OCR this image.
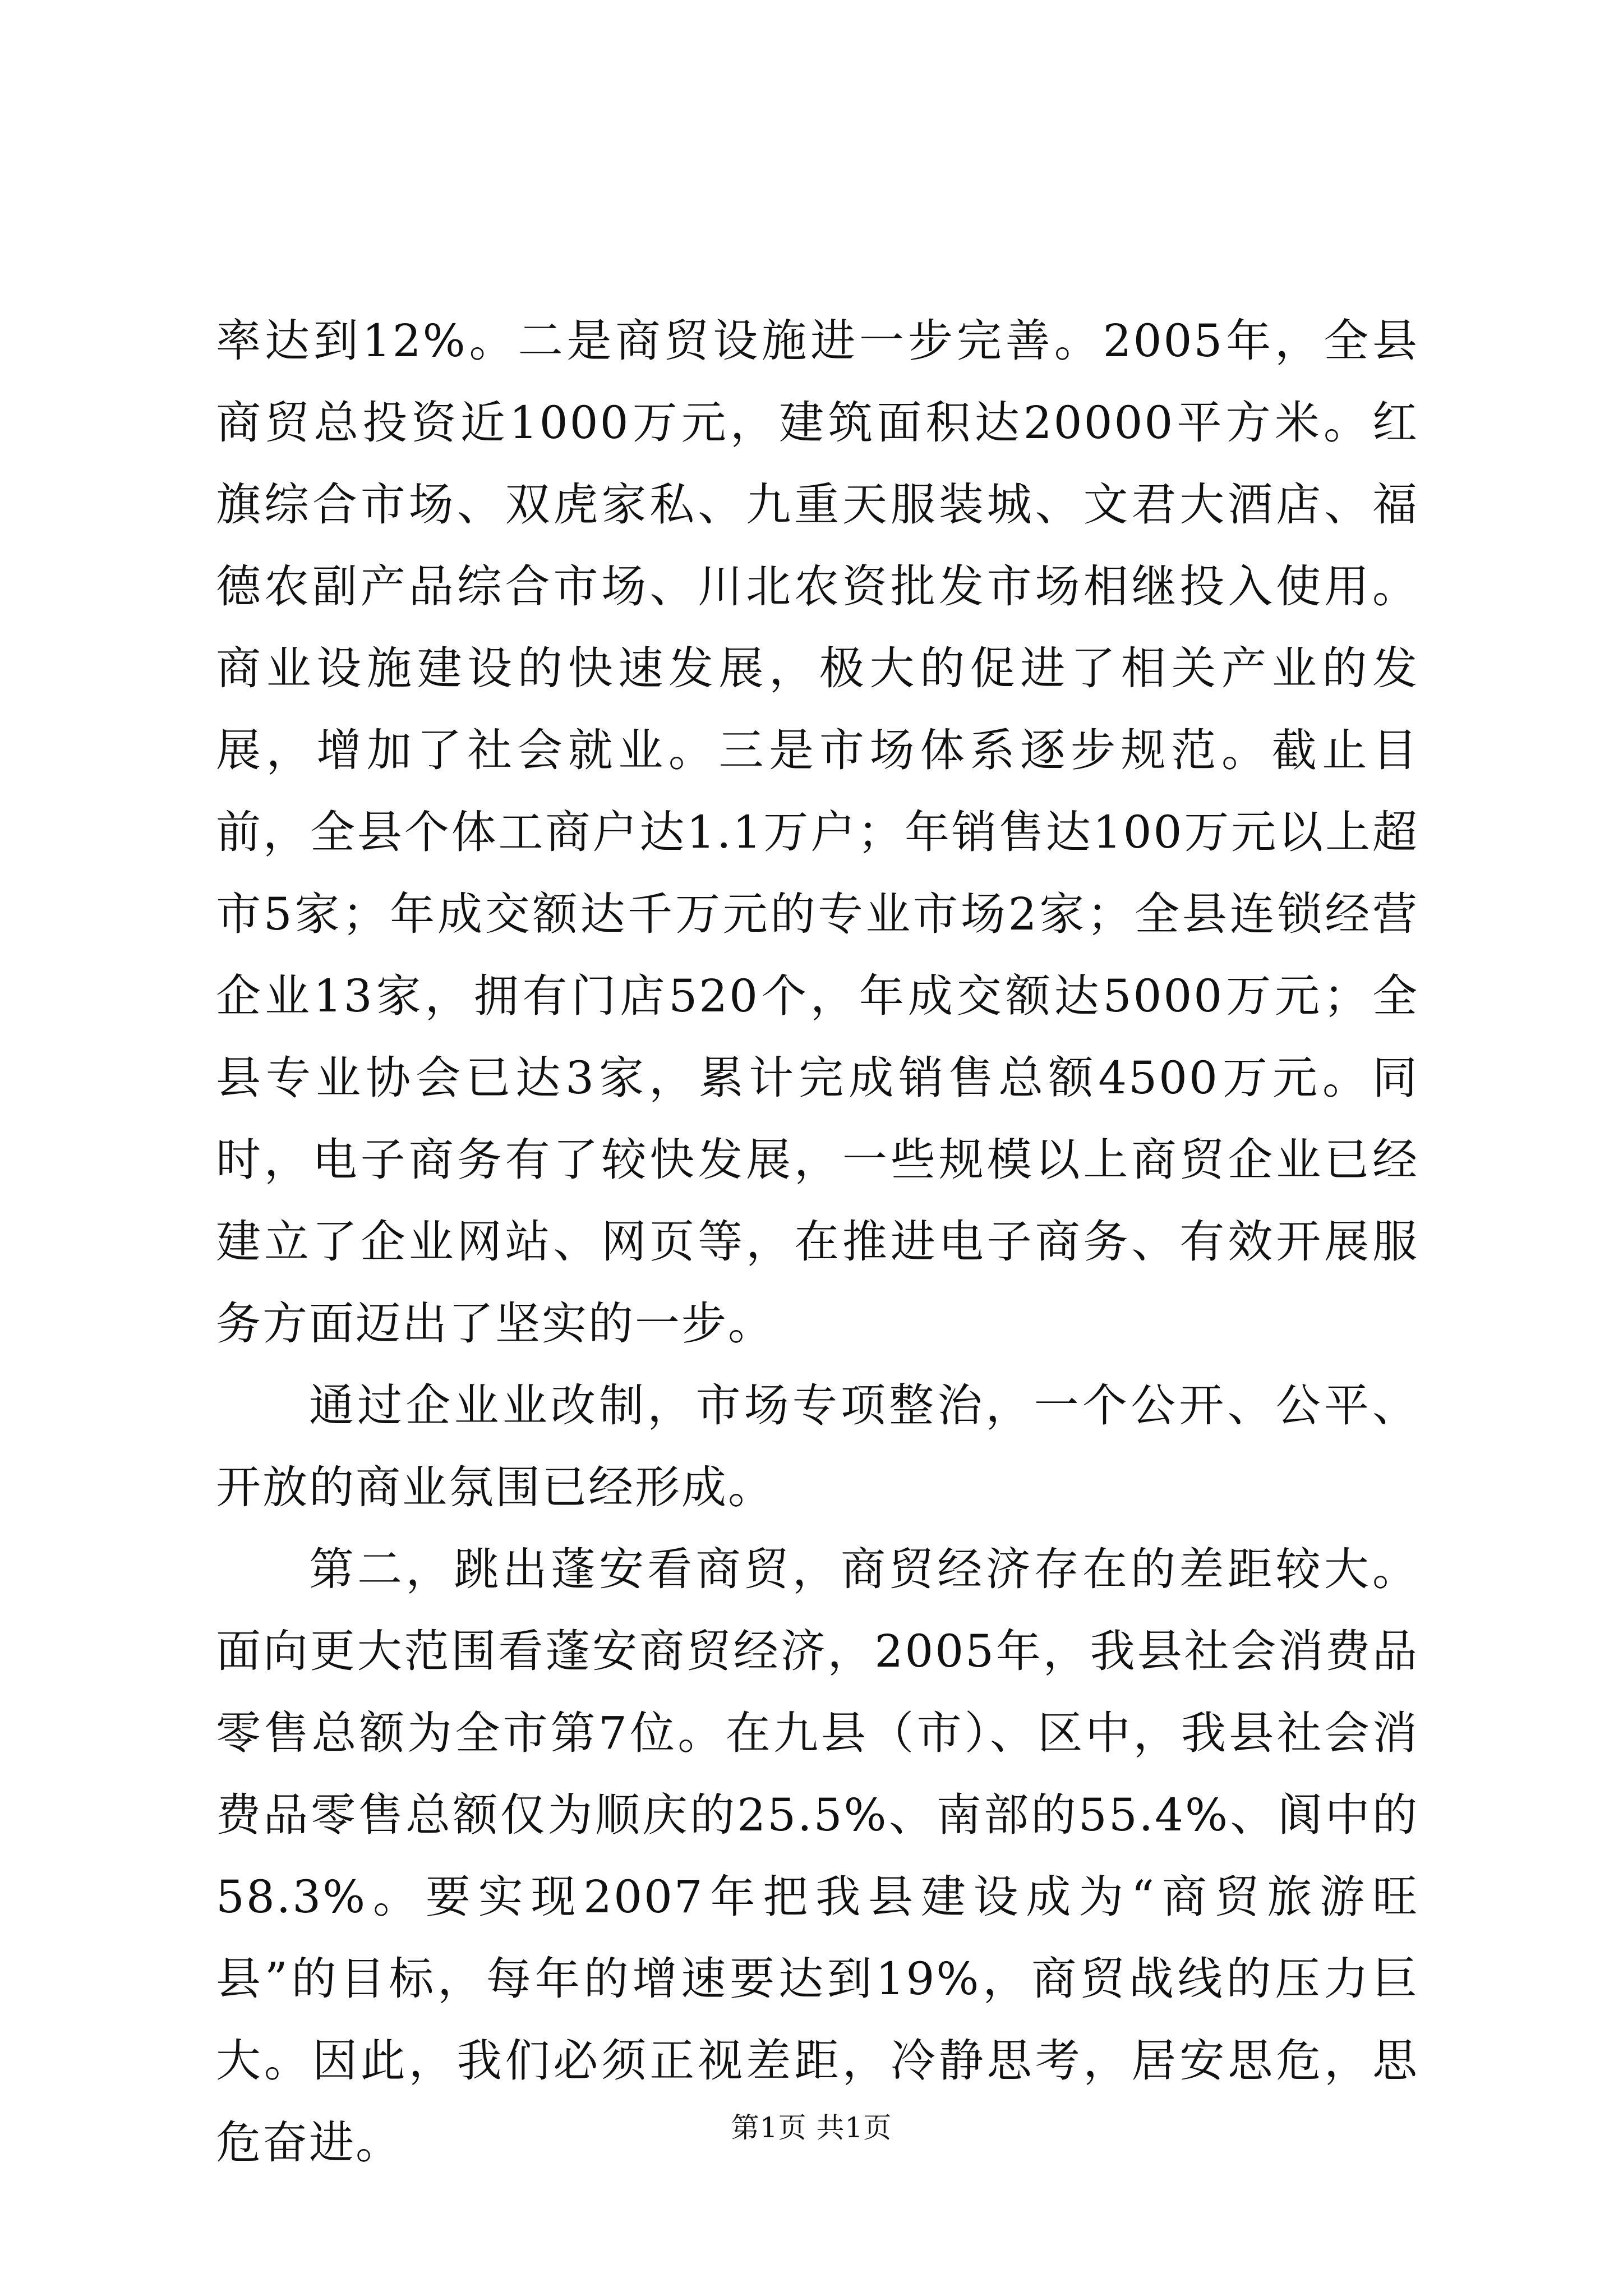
率达到12%。二是商贸设施进一步完善。2005年，全县商贸总投资近1000万元，建筑面积达20000平方米。红旗综合市场、双虎家私、九重天服装城、文君大酒店、福德农副产品综合市场、川北农资批发市场相继投入使用。商业设施建设的快速发展，极大的促进了相关产业的发展，增加了社会就业。三是市场体系逐步规范。截止目前，全县个体工商户达1.1万户；年销售达100万元以上超市5家；年成交额达千万元的专业市场2家；全县连锁经营企业13家，拥有门店520个，年成交额达5000万元；全县专业协会已达3家，累计完成销售总额4500万元。同时，电子商务有了较快发展，一些规模以上商贸企业已经建立了企业网站、网页等，在推进电子商务、有效开展服务方面迈出了坚实的一步。

通过企业业改制，市场专项整治，一个公开、公平、开放的商业氛围已经形成。

第二，跳出蓬安看商贸，商贸经济存在的差距较大。面向更大范围看蓬安商贸经济，2005年，我县社会消费品零售总额为全市第7位。在九县（市）、区中，我县社会消费品零售总额仅为顺庆的25.5%、南部的55.4%、阆中的58.3%。要实现2007年把我县建设成为“商贸旅游旺县”的目标，每年的增速要达到19%，商贸战线的压力巨大。因此，我们必须正视差距，冷静思考，居安思危，思危奋进。	第1页 共1页
